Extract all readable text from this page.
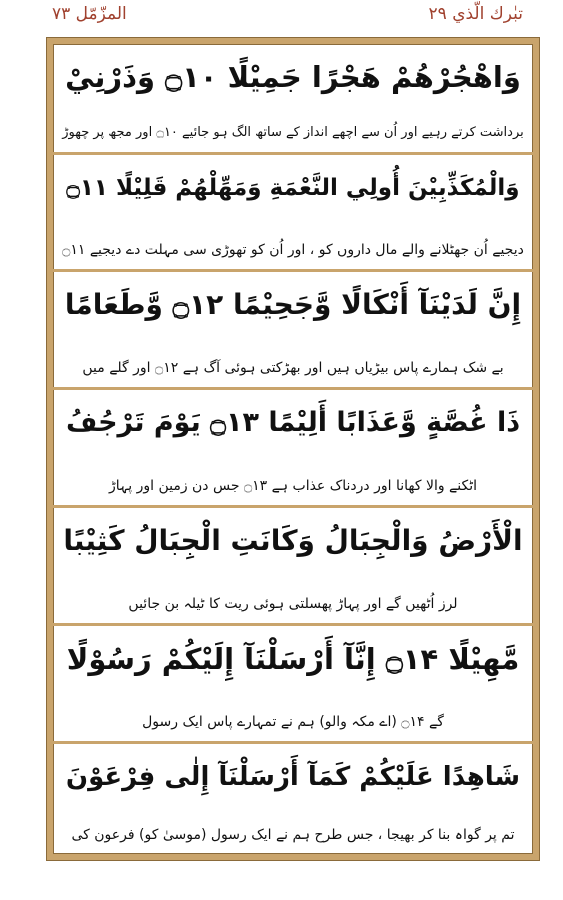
المزّمّل ۷۳	تبٰرك الّذي ۲۹
وَاهْجُرْهُمْ هَجْرًا جَمِيْلًا ۝۱۰ وَذَرْنِيْ
برداشت کرتے رہیے اور اُن سے اچھے انداز کے ساتھ الگ ہو جائیے ۝۱۰ اور مجھ پر چھوڑ
وَالْمُكَذِّبِيْنَ أُولِي النَّعْمَةِ وَمَهِّلْهُمْ قَلِيْلًا ۝۱۱
دیجیے اُن جھٹلانے والے مال داروں کو ، اور اُن کو تھوڑی سی مہلت دے دیجیے ۝۱۱
إِنَّ لَدَيْنَآ أَنْكَالًا وَّجَحِيْمًا ۝۱۲ وَّطَعَامًا
بے شک ہمارے پاس بیڑیاں ہیں اور بھڑکتی ہوئی آگ ہے ۝۱۲ اور گلے میں
ذَا غُصَّةٍ وَّعَذَابًا أَلِيْمًا ۝۱۳ يَوْمَ تَرْجُفُ
اٹکنے والا کھانا اور دردناک عذاب ہے ۝۱۳ جس دن زمین اور پہاڑ
الْأَرْضُ وَالْجِبَالُ وَكَانَتِ الْجِبَالُ كَثِيْبًا
لرز اُٹھیں گے اور پہاڑ پھسلتی ہوئی ریت کا ٹیلہ بن جائیں
مَّهِيْلًا ۝۱۴ إِنَّآ أَرْسَلْنَآ إِلَيْكُمْ رَسُوْلًا
گے ۝۱۴ (اے مکہ والو) ہم نے تمہارے پاس ایک رسول
شَاهِدًا عَلَيْكُمْ كَمَآ أَرْسَلْنَآ إِلٰى فِرْعَوْنَ
تم پر گواہ بنا کر بھیجا ، جس طرح ہم نے ایک رسول (موسیٰ کو) فرعون کی
